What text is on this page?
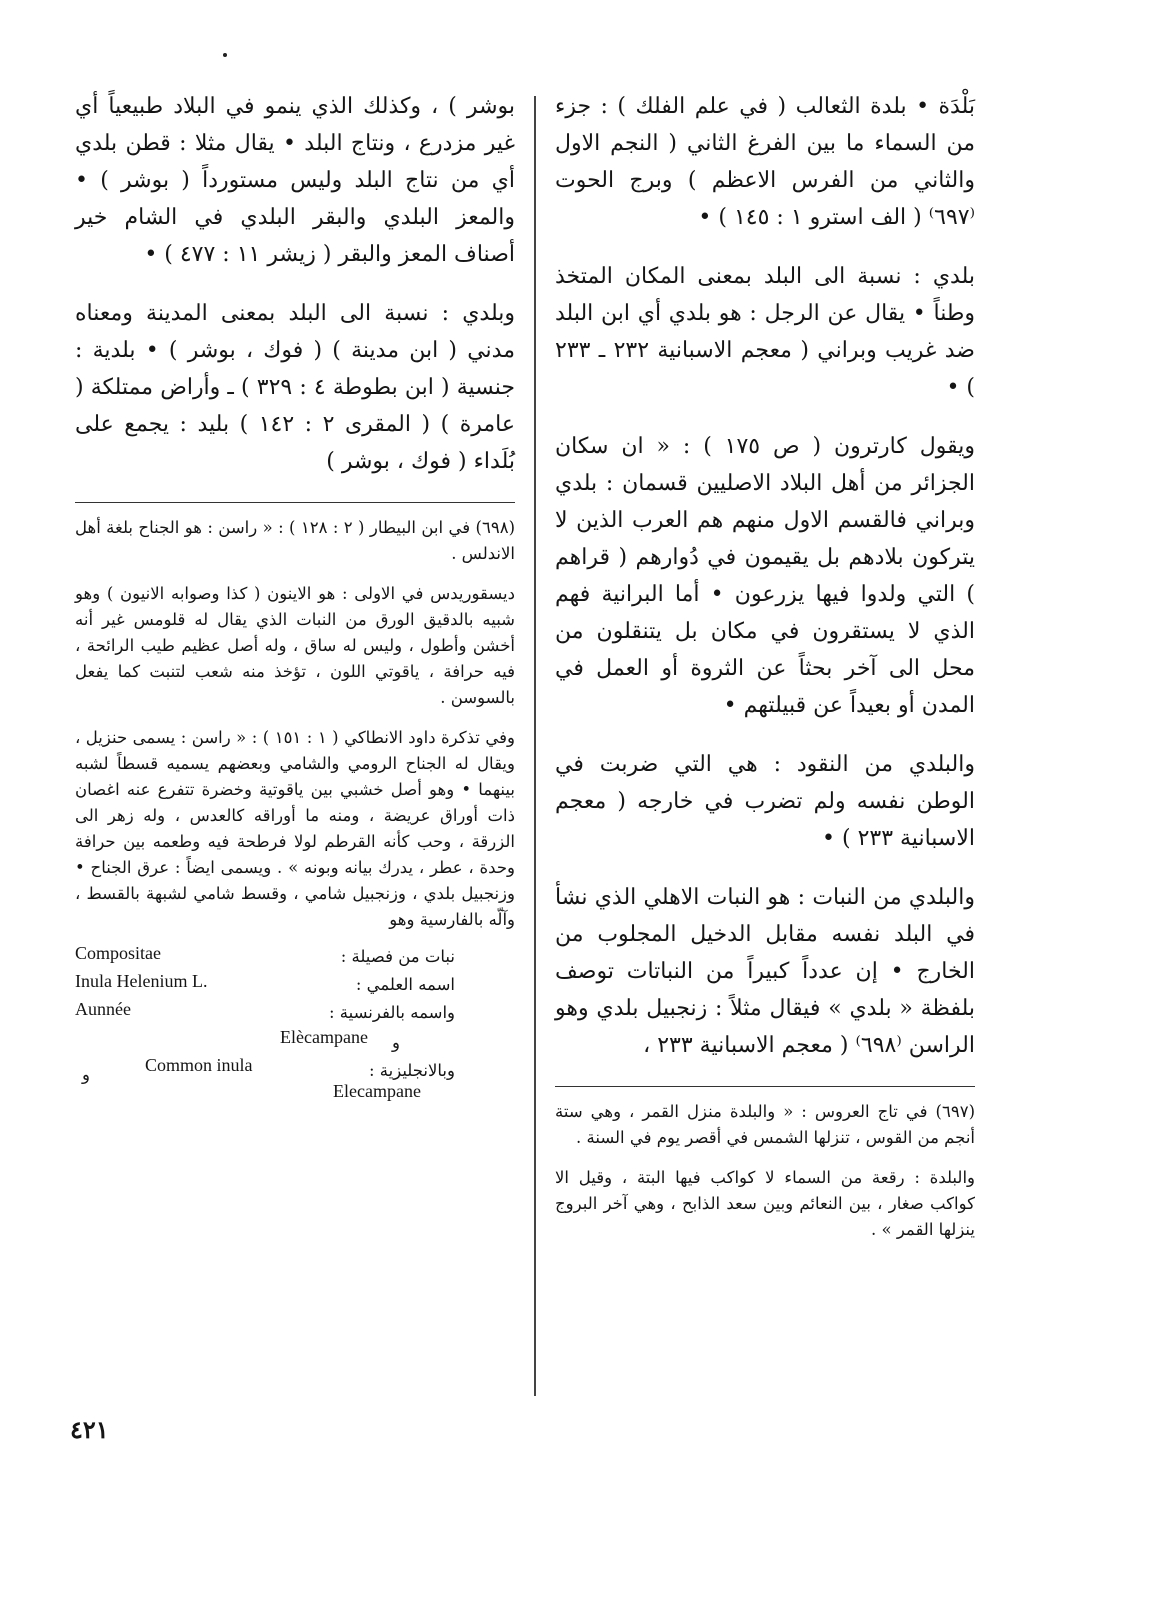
بَلْدَة • بلدة الثعالب ( في علم الفلك ) : جزء من السماء ما بين الفرغ الثاني ( النجم الاول والثاني من الفرس الاعظم ) وبرج الحوت ⁽٦٩٧⁾ ( الف استرو ١ : ١٤٥ ) •

بلدي : نسبة الى البلد بمعنى المكان المتخذ وطناً • يقال عن الرجل : هو بلدي أي ابن البلد ضد غريب وبراني ( معجم الاسبانية ٢٣٢ ـ ٢٣٣ ) •

ويقول كارترون ( ص ١٧٥ ) : « ان سكان الجزائر من أهل البلاد الاصليين قسمان : بلدي وبراني فالقسم الاول منهم هم العرب الذين لا يتركون بلادهم بل يقيمون في دُوارهم ( قراهم ) التي ولدوا فيها يزرعون • أما البرانية فهم الذي لا يستقرون في مكان بل يتنقلون من محل الى آخر بحثاً عن الثروة أو العمل في المدن أو بعيداً عن قبيلتهم •

والبلدي من النقود : هي التي ضربت في الوطن نفسه ولم تضرب في خارجه ( معجم الاسبانية ٢٣٣ ) •

والبلدي من النبات : هو النبات الاهلي الذي نشأ في البلد نفسه مقابل الدخيل المجلوب من الخارج • إن عدداً كبيراً من النباتات توصف بلفظة « بلدي » فيقال مثلاً : زنجبيل بلدي وهو الراسن ⁽٦٩٨⁾ ( معجم الاسبانية ٢٣٣ ،

(٦٩٧) في تاج العروس : « والبلدة منزل القمر ، وهي ستة أنجم من القوس ، تنزلها الشمس في أقصر يوم في السنة .

والبلدة : رقعة من السماء لا كواكب فيها البتة ، وقيل الا كواكب صغار ، بين النعائم وبين سعد الذابح ، وهي آخر البروج ينزلها القمر » .

بوشر ) ، وكذلك الذي ينمو في البلاد طبيعياً أي غير مزدرع ، ونتاج البلد • يقال مثلا : قطن بلدي أي من نتاج البلد وليس مستورداً ( بوشر ) • والمعز البلدي والبقر البلدي في الشام خير أصناف المعز والبقر ( زيشر ١١ : ٤٧٧ ) •

وبلدي : نسبة الى البلد بمعنى المدينة ومعناه مدني ( ابن مدينة ) ( فوك ، بوشر ) • بلدية : جنسية ( ابن بطوطة ٤ : ٣٢٩ ) ـ وأراض ممتلكة ( عامرة ) ( المقرى ٢ : ١٤٢ ) بليد : يجمع على بُلَداء ( فوك ، بوشر )

(٦٩٨) في ابن البيطار ( ٢ : ١٢٨ ) : « راسن : هو الجناح بلغة أهل الاندلس .

ديسقوريدس في الاولى : هو الاينون ( كذا وصوابه الانيون ) وهو شبيه بالدقيق الورق من النبات الذي يقال له قلومس غير أنه أخشن وأطول ، وليس له ساق ، وله أصل عظيم طيب الرائحة ، فيه حرافة ، ياقوتي اللون ، تؤخذ منه شعب لتنبت كما يفعل بالسوسن .

وفي تذكرة داود الانطاكي ( ١ : ١٥١ ) : « راسن : يسمى حنزيل ، ويقال له الجناح الرومي والشامي وبعضهم يسميه قسطاً لشبه بينهما • وهو أصل خشبي بين ياقوتية وخضرة تتفرع عنه اغصان ذات أوراق عريضة ، ومنه ما أوراقه كالعدس ، وله زهر الى الزرقة ، وحب كأنه القرطم لولا فرطحة فيه وطعمه بين حرافة وحدة ، عطر ، يدرك بيانه وبونه » . ويسمى ايضاً : عرق الجناح • وزنجبيل بلدي ، وزنجبيل شامي ، وقسط شامي لشبهة بالقسط ، وآلّه بالفارسية وهو

نبات من فصيلة :
Compositae
اسمه العلمي :
Inula Helenium L.
واسمه بالفرنسية :
Aunnée
و
Elècampane
وبالانجليزية :
Common inula
و
Elecampane
٤٢١
